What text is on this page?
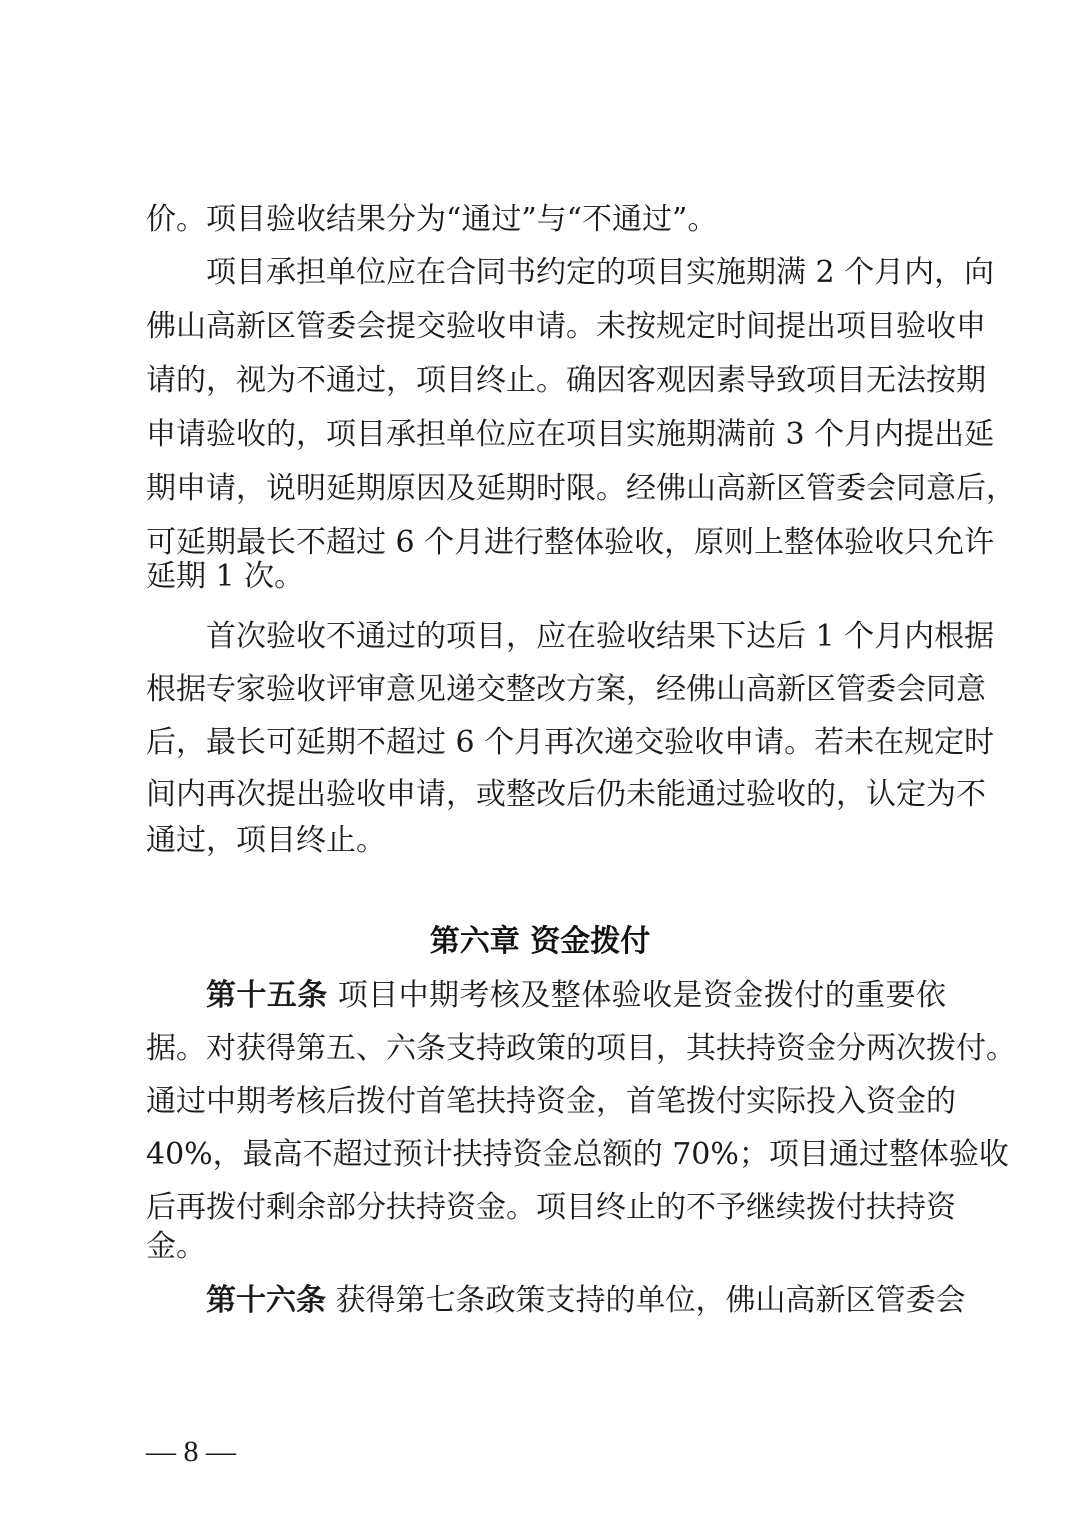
价。项目验收结果分为“通过”与“不通过”。
项目承担单位应在合同书约定的项目实施期满 2 个月内，向
佛山高新区管委会提交验收申请。未按规定时间提出项目验收申
请的，视为不通过，项目终止。确因客观因素导致项目无法按期
申请验收的，项目承担单位应在项目实施期满前 3 个月内提出延
期申请，说明延期原因及延期时限。经佛山高新区管委会同意后，
可延期最长不超过 6 个月进行整体验收，原则上整体验收只允许
延期 1 次。
首次验收不通过的项目，应在验收结果下达后 1 个月内根据
根据专家验收评审意见递交整改方案，经佛山高新区管委会同意
后，最长可延期不超过 6 个月再次递交验收申请。若未在规定时
间内再次提出验收申请，或整改后仍未能通过验收的，认定为不
通过，项目终止。
第六章 资金拨付
第十五条 项目中期考核及整体验收是资金拨付的重要依
据。对获得第五、六条支持政策的项目，其扶持资金分两次拨付。
通过中期考核后拨付首笔扶持资金，首笔拨付实际投入资金的
40%，最高不超过预计扶持资金总额的 70%；项目通过整体验收
后再拨付剩余部分扶持资金。项目终止的不予继续拨付扶持资
金。
第十六条 获得第七条政策支持的单位，佛山高新区管委会
— 8 —
